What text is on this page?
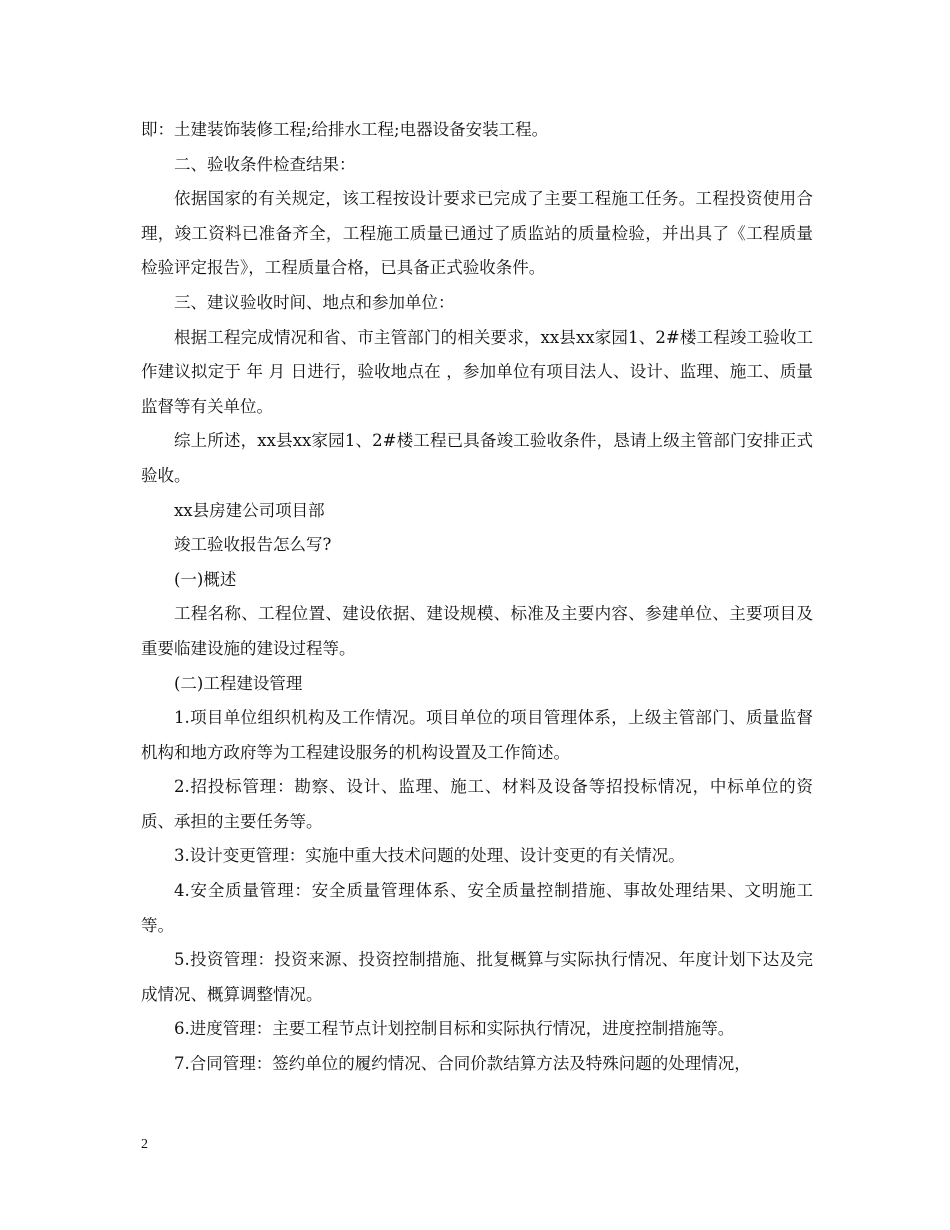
即：土建装饰装修工程;给排水工程;电器设备安装工程。

二、验收条件检查结果：

依据国家的有关规定，该工程按设计要求已完成了主要工程施工任务。工程投资使用合理，竣工资料已准备齐全，工程施工质量已通过了质监站的质量检验，并出具了《工程质量检验评定报告》，工程质量合格，已具备正式验收条件。

三、建议验收时间、地点和参加单位：

根据工程完成情况和省、市主管部门的相关要求，xx县xx家园1、2#楼工程竣工验收工作建议拟定于 年 月 日进行，验收地点在 ，参加单位有项目法人、设计、监理、施工、质量监督等有关单位。

综上所述，xx县xx家园1、2#楼工程已具备竣工验收条件，恳请上级主管部门安排正式验收。

xx县房建公司项目部

竣工验收报告怎么写?

(一)概述

工程名称、工程位置、建设依据、建设规模、标准及主要内容、参建单位、主要项目及重要临建设施的建设过程等。

(二)工程建设管理

1.项目单位组织机构及工作情况。项目单位的项目管理体系，上级主管部门、质量监督机构和地方政府等为工程建设服务的机构设置及工作简述。

2.招投标管理：勘察、设计、监理、施工、材料及设备等招投标情况，中标单位的资质、承担的主要任务等。

3.设计变更管理：实施中重大技术问题的处理、设计变更的有关情况。

4.安全质量管理：安全质量管理体系、安全质量控制措施、事故处理结果、文明施工等。

5.投资管理：投资来源、投资控制措施、批复概算与实际执行情况、年度计划下达及完成情况、概算调整情况。

6.进度管理：主要工程节点计划控制目标和实际执行情况，进度控制措施等。

7.合同管理：签约单位的履约情况、合同价款结算方法及特殊问题的处理情况，

2
